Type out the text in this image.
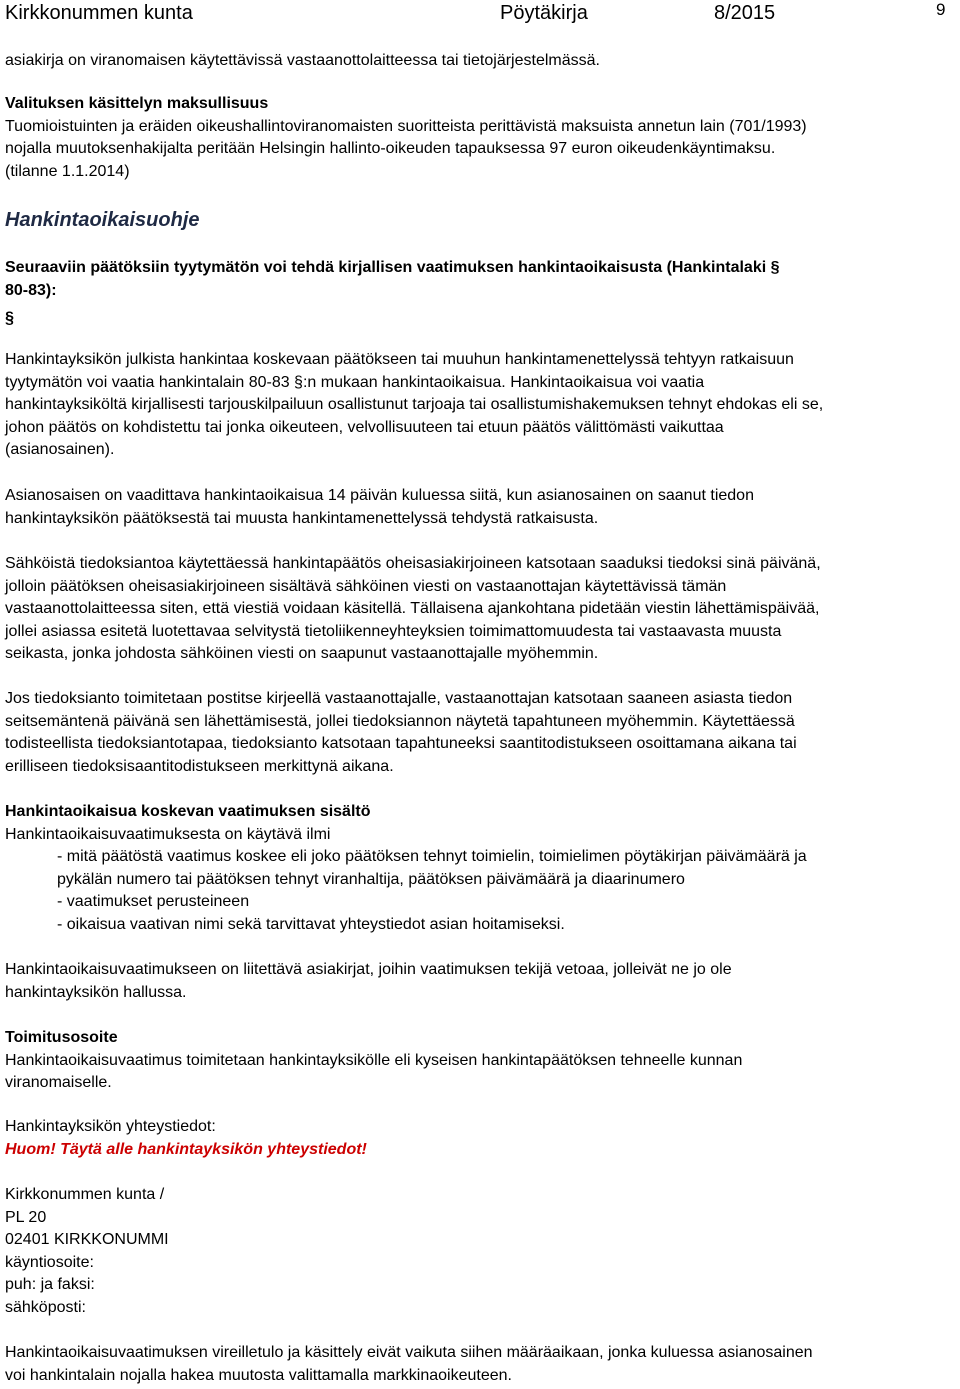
Kirkkonummen kunta	Pöytäkirja	8/2015	9

asiakirja on viranomaisen käytettävissä vastaanottolaitteessa tai tietojärjestelmässä.

Valituksen käsittelyn maksullisuus

Tuomioistuinten ja eräiden oikeushallintoviranomaisten suoritteista perittävistä maksuista annetun lain (701/1993)

nojalla muutoksenhakijalta peritään Helsingin hallinto-oikeuden tapauksessa 97 euron oikeudenkäyntimaksu.

(tilanne 1.1.2014)

Hankintaoikaisuohje

Seuraaviin päätöksiin tyytymätön voi tehdä kirjallisen vaatimuksen hankintaoikaisusta (Hankintalaki §

80-83):

§

Hankintayksikön julkista hankintaa koskevaan päätökseen tai muuhun hankintamenettelyssä tehtyyn ratkaisuun

tyytymätön voi vaatia hankintalain 80-83 §:n mukaan hankintaoikaisua. Hankintaoikaisua voi vaatia

hankintayksiköltä kirjallisesti tarjouskilpailuun osallistunut tarjoaja tai osallistumishakemuksen tehnyt ehdokas eli se,

johon päätös on kohdistettu tai jonka oikeuteen, velvollisuuteen tai etuun päätös välittömästi vaikuttaa

(asianosainen).

Asianosaisen on vaadittava hankintaoikaisua 14 päivän kuluessa siitä, kun asianosainen on saanut tiedon

hankintayksikön päätöksestä tai muusta hankintamenettelyssä tehdystä ratkaisusta.

Sähköistä tiedoksiantoa käytettäessä hankintapäätös oheisasiakirjoineen katsotaan saaduksi tiedoksi sinä päivänä,

jolloin päätöksen oheisasiakirjoineen sisältävä sähköinen viesti on vastaanottajan käytettävissä tämän

vastaanottolaitteessa siten, että viestiä voidaan käsitellä. Tällaisena ajankohtana pidetään viestin lähettämispäivää,

jollei asiassa esitetä luotettavaa selvitystä tietoliikenneyhteyksien toimimattomuudesta tai vastaavasta muusta

seikasta, jonka johdosta sähköinen viesti on saapunut vastaanottajalle myöhemmin.

Jos tiedoksianto toimitetaan postitse kirjeellä vastaanottajalle, vastaanottajan katsotaan saaneen asiasta tiedon

seitsemäntenä päivänä sen lähettämisestä, jollei tiedoksiannon näytetä tapahtuneen myöhemmin. Käytettäessä

todisteellista tiedoksiantotapaa, tiedoksianto katsotaan tapahtuneeksi saantitodistukseen osoittamana aikana tai

erilliseen tiedoksisaantitodistukseen merkittynä aikana.

Hankintaoikaisua koskevan vaatimuksen sisältö

Hankintaoikaisuvaatimuksesta on käytävä ilmi

- mitä päätöstä vaatimus koskee eli joko päätöksen tehnyt toimielin, toimielimen pöytäkirjan päivämäärä ja

pykälän numero tai päätöksen tehnyt viranhaltija, päätöksen päivämäärä ja diaarinumero

- vaatimukset perusteineen

- oikaisua vaativan nimi sekä tarvittavat yhteystiedot asian hoitamiseksi.

Hankintaoikaisuvaatimukseen on liitettävä asiakirjat, joihin vaatimuksen tekijä vetoaa, jolleivät ne jo ole

hankintayksikön hallussa.

Toimitusosoite

Hankintaoikaisuvaatimus toimitetaan hankintayksikölle eli kyseisen hankintapäätöksen tehneelle kunnan

viranomaiselle.

Hankintayksikön yhteystiedot:

Huom! Täytä alle hankintayksikön yhteystiedot!

Kirkkonummen kunta /

PL 20

02401 KIRKKONUMMI

käyntiosoite:

puh: ja faksi:

sähköposti:

Hankintaoikaisuvaatimuksen vireilletulo ja käsittely eivät vaikuta siihen määräaikaan, jonka kuluessa asianosainen

voi hankintalain nojalla hakea muutosta valittamalla markkinaoikeuteen.
